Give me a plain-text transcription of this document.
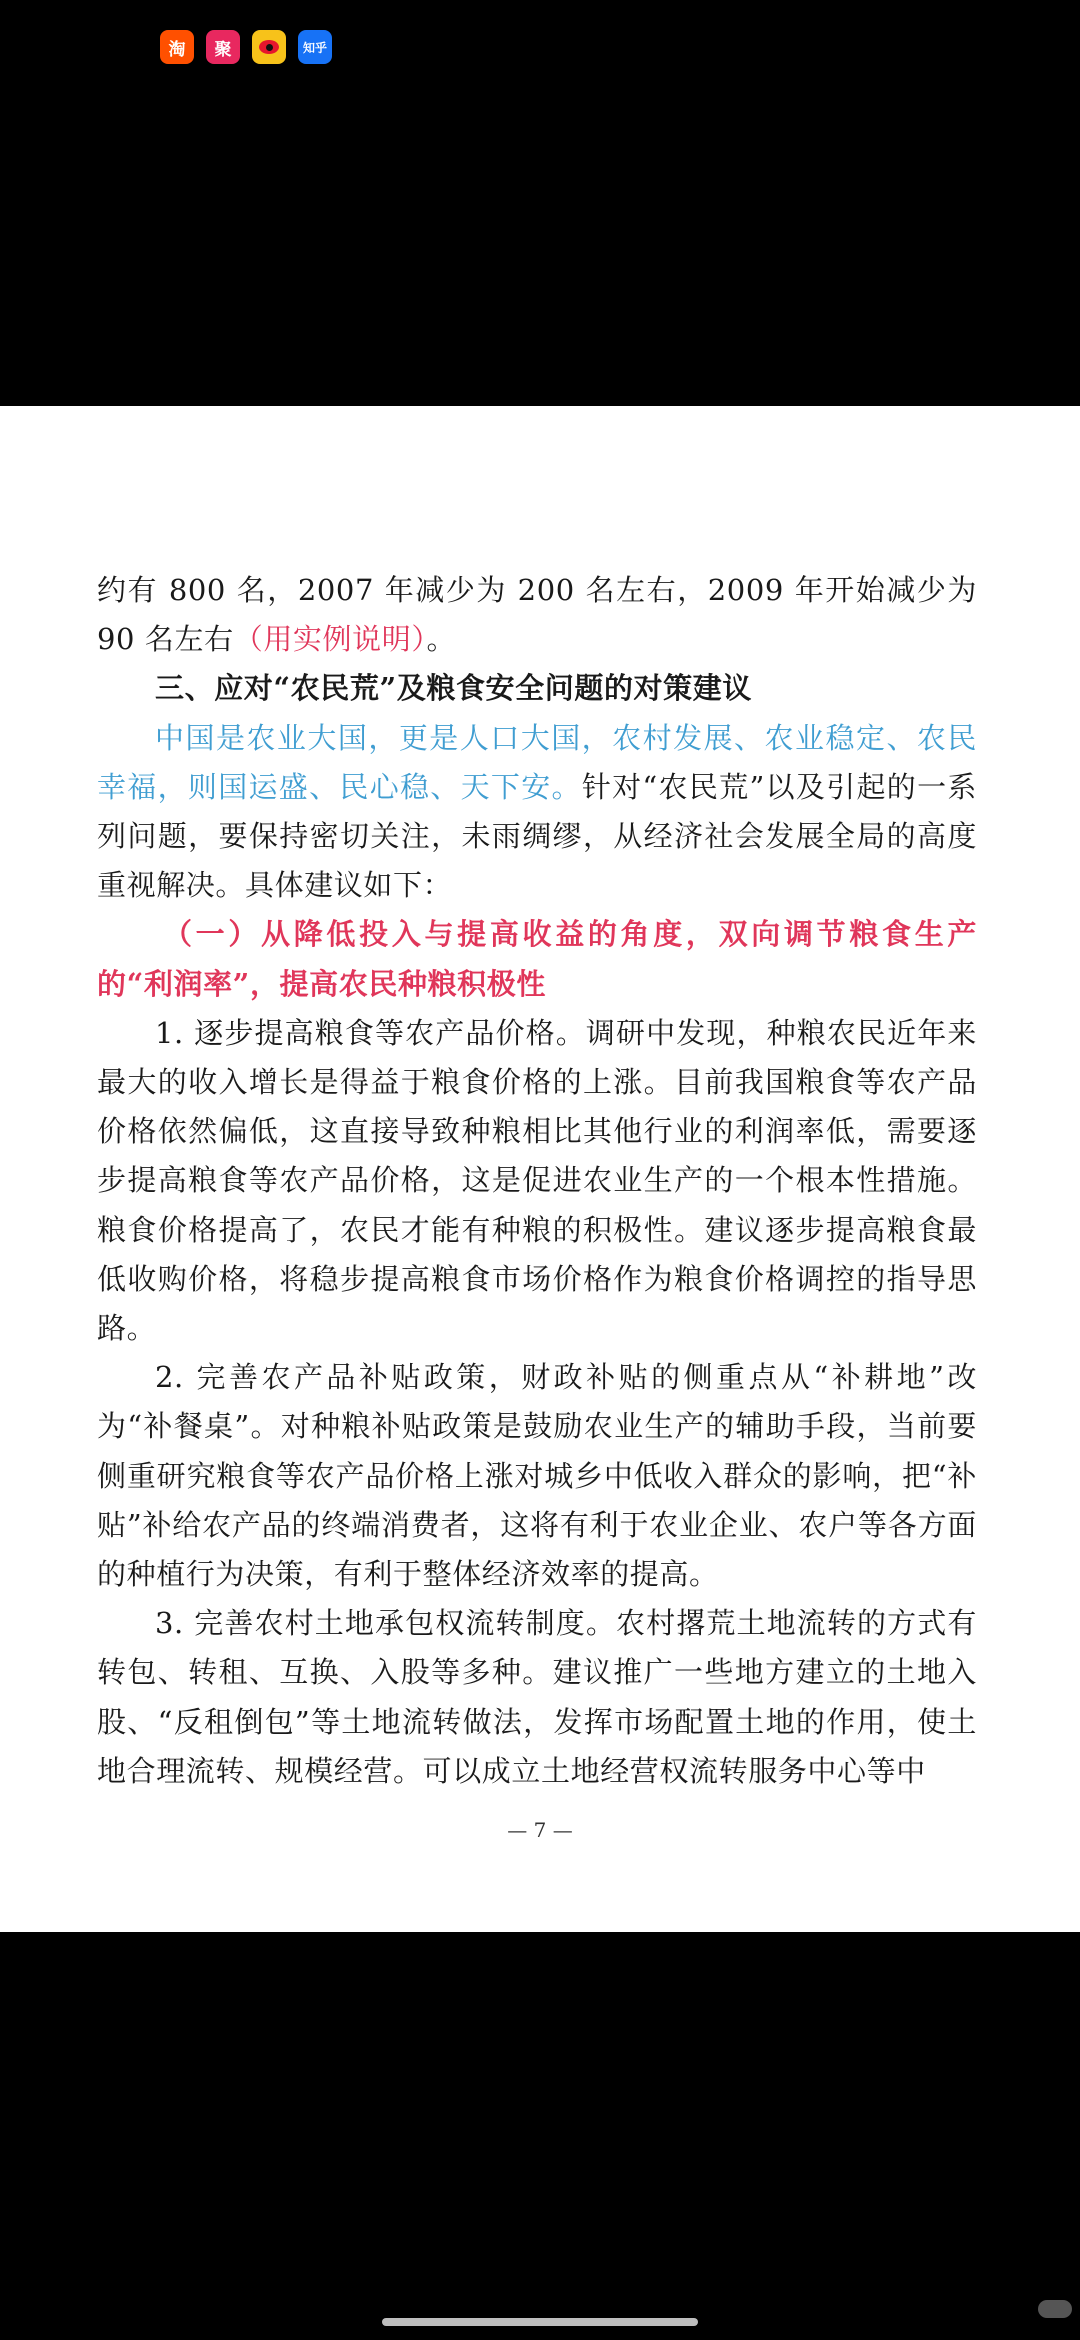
淘	聚	知乎

约有 800 名，2007 年减少为 200 名左右，2009 年开始减少为 90 名左右（用实例说明）。

三、应对“农民荒”及粮食安全问题的对策建议

中国是农业大国，更是人口大国，农村发展、农业稳定、农民幸福，则国运盛、民心稳、天下安。针对“农民荒”以及引起的一系列问题，要保持密切关注，未雨绸缪，从经济社会发展全局的高度重视解决。具体建议如下：

（一）从降低投入与提高收益的角度，双向调节粮食生产的“利润率”，提高农民种粮积极性

1. 逐步提高粮食等农产品价格。调研中发现，种粮农民近年来最大的收入增长是得益于粮食价格的上涨。目前我国粮食等农产品价格依然偏低，这直接导致种粮相比其他行业的利润率低，需要逐步提高粮食等农产品价格，这是促进农业生产的一个根本性措施。粮食价格提高了，农民才能有种粮的积极性。建议逐步提高粮食最低收购价格，将稳步提高粮食市场价格作为粮食价格调控的指导思路。

2. 完善农产品补贴政策，财政补贴的侧重点从“补耕地”改为“补餐桌”。对种粮补贴政策是鼓励农业生产的辅助手段，当前要侧重研究粮食等农产品价格上涨对城乡中低收入群众的影响，把“补贴”补给农产品的终端消费者，这将有利于农业企业、农户等各方面的种植行为决策，有利于整体经济效率的提高。

3. 完善农村土地承包权流转制度。农村撂荒土地流转的方式有转包、转租、互换、入股等多种。建议推广一些地方建立的土地入股、“反租倒包”等土地流转做法，发挥市场配置土地的作用，使土地合理流转、规模经营。可以成立土地经营权流转服务中心等中

— 7 —
